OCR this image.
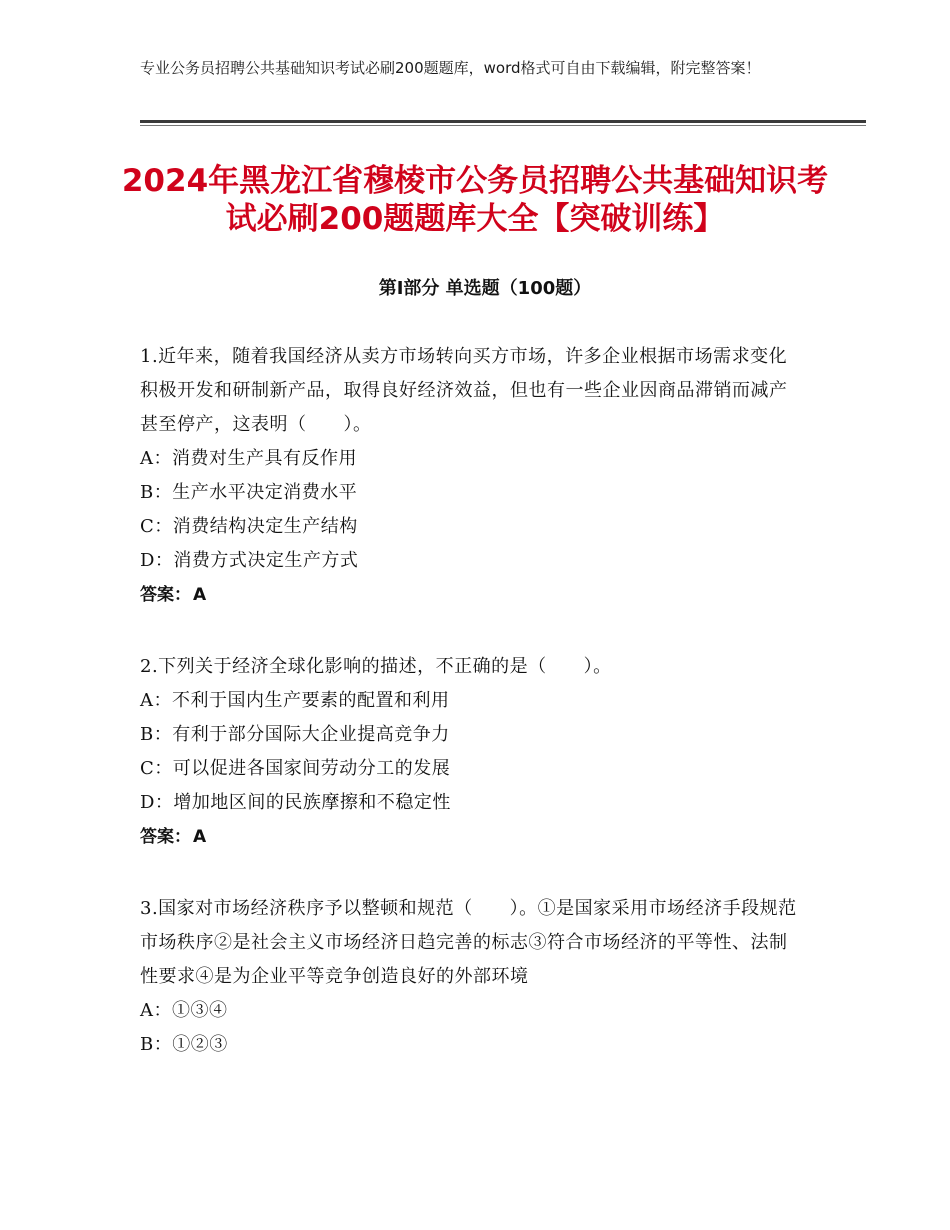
专业公务员招聘公共基础知识考试必刷200题题库，word格式可自由下载编辑，附完整答案！
2024年黑龙江省穆棱市公务员招聘公共基础知识考试必刷200题题库大全【突破训练】
第Ⅰ部分 单选题（100题）
1.近年来，随着我国经济从卖方市场转向买方市场，许多企业根据市场需求变化积极开发和研制新产品，取得良好经济效益，但也有一些企业因商品滞销而减产甚至停产，这表明（　　）。
A：消费对生产具有反作用
B：生产水平决定消费水平
C：消费结构决定生产结构
D：消费方式决定生产方式
答案： A
2.下列关于经济全球化影响的描述，不正确的是（　　）。
A：不利于国内生产要素的配置和利用
B：有利于部分国际大企业提高竞争力
C：可以促进各国家间劳动分工的发展
D：增加地区间的民族摩擦和不稳定性
答案： A
3.国家对市场经济秩序予以整顿和规范（　　）。①是国家采用市场经济手段规范市场秩序②是社会主义市场经济日趋完善的标志③符合市场经济的平等性、法制性要求④是为企业平等竞争创造良好的外部环境
A：①③④
B：①②③
